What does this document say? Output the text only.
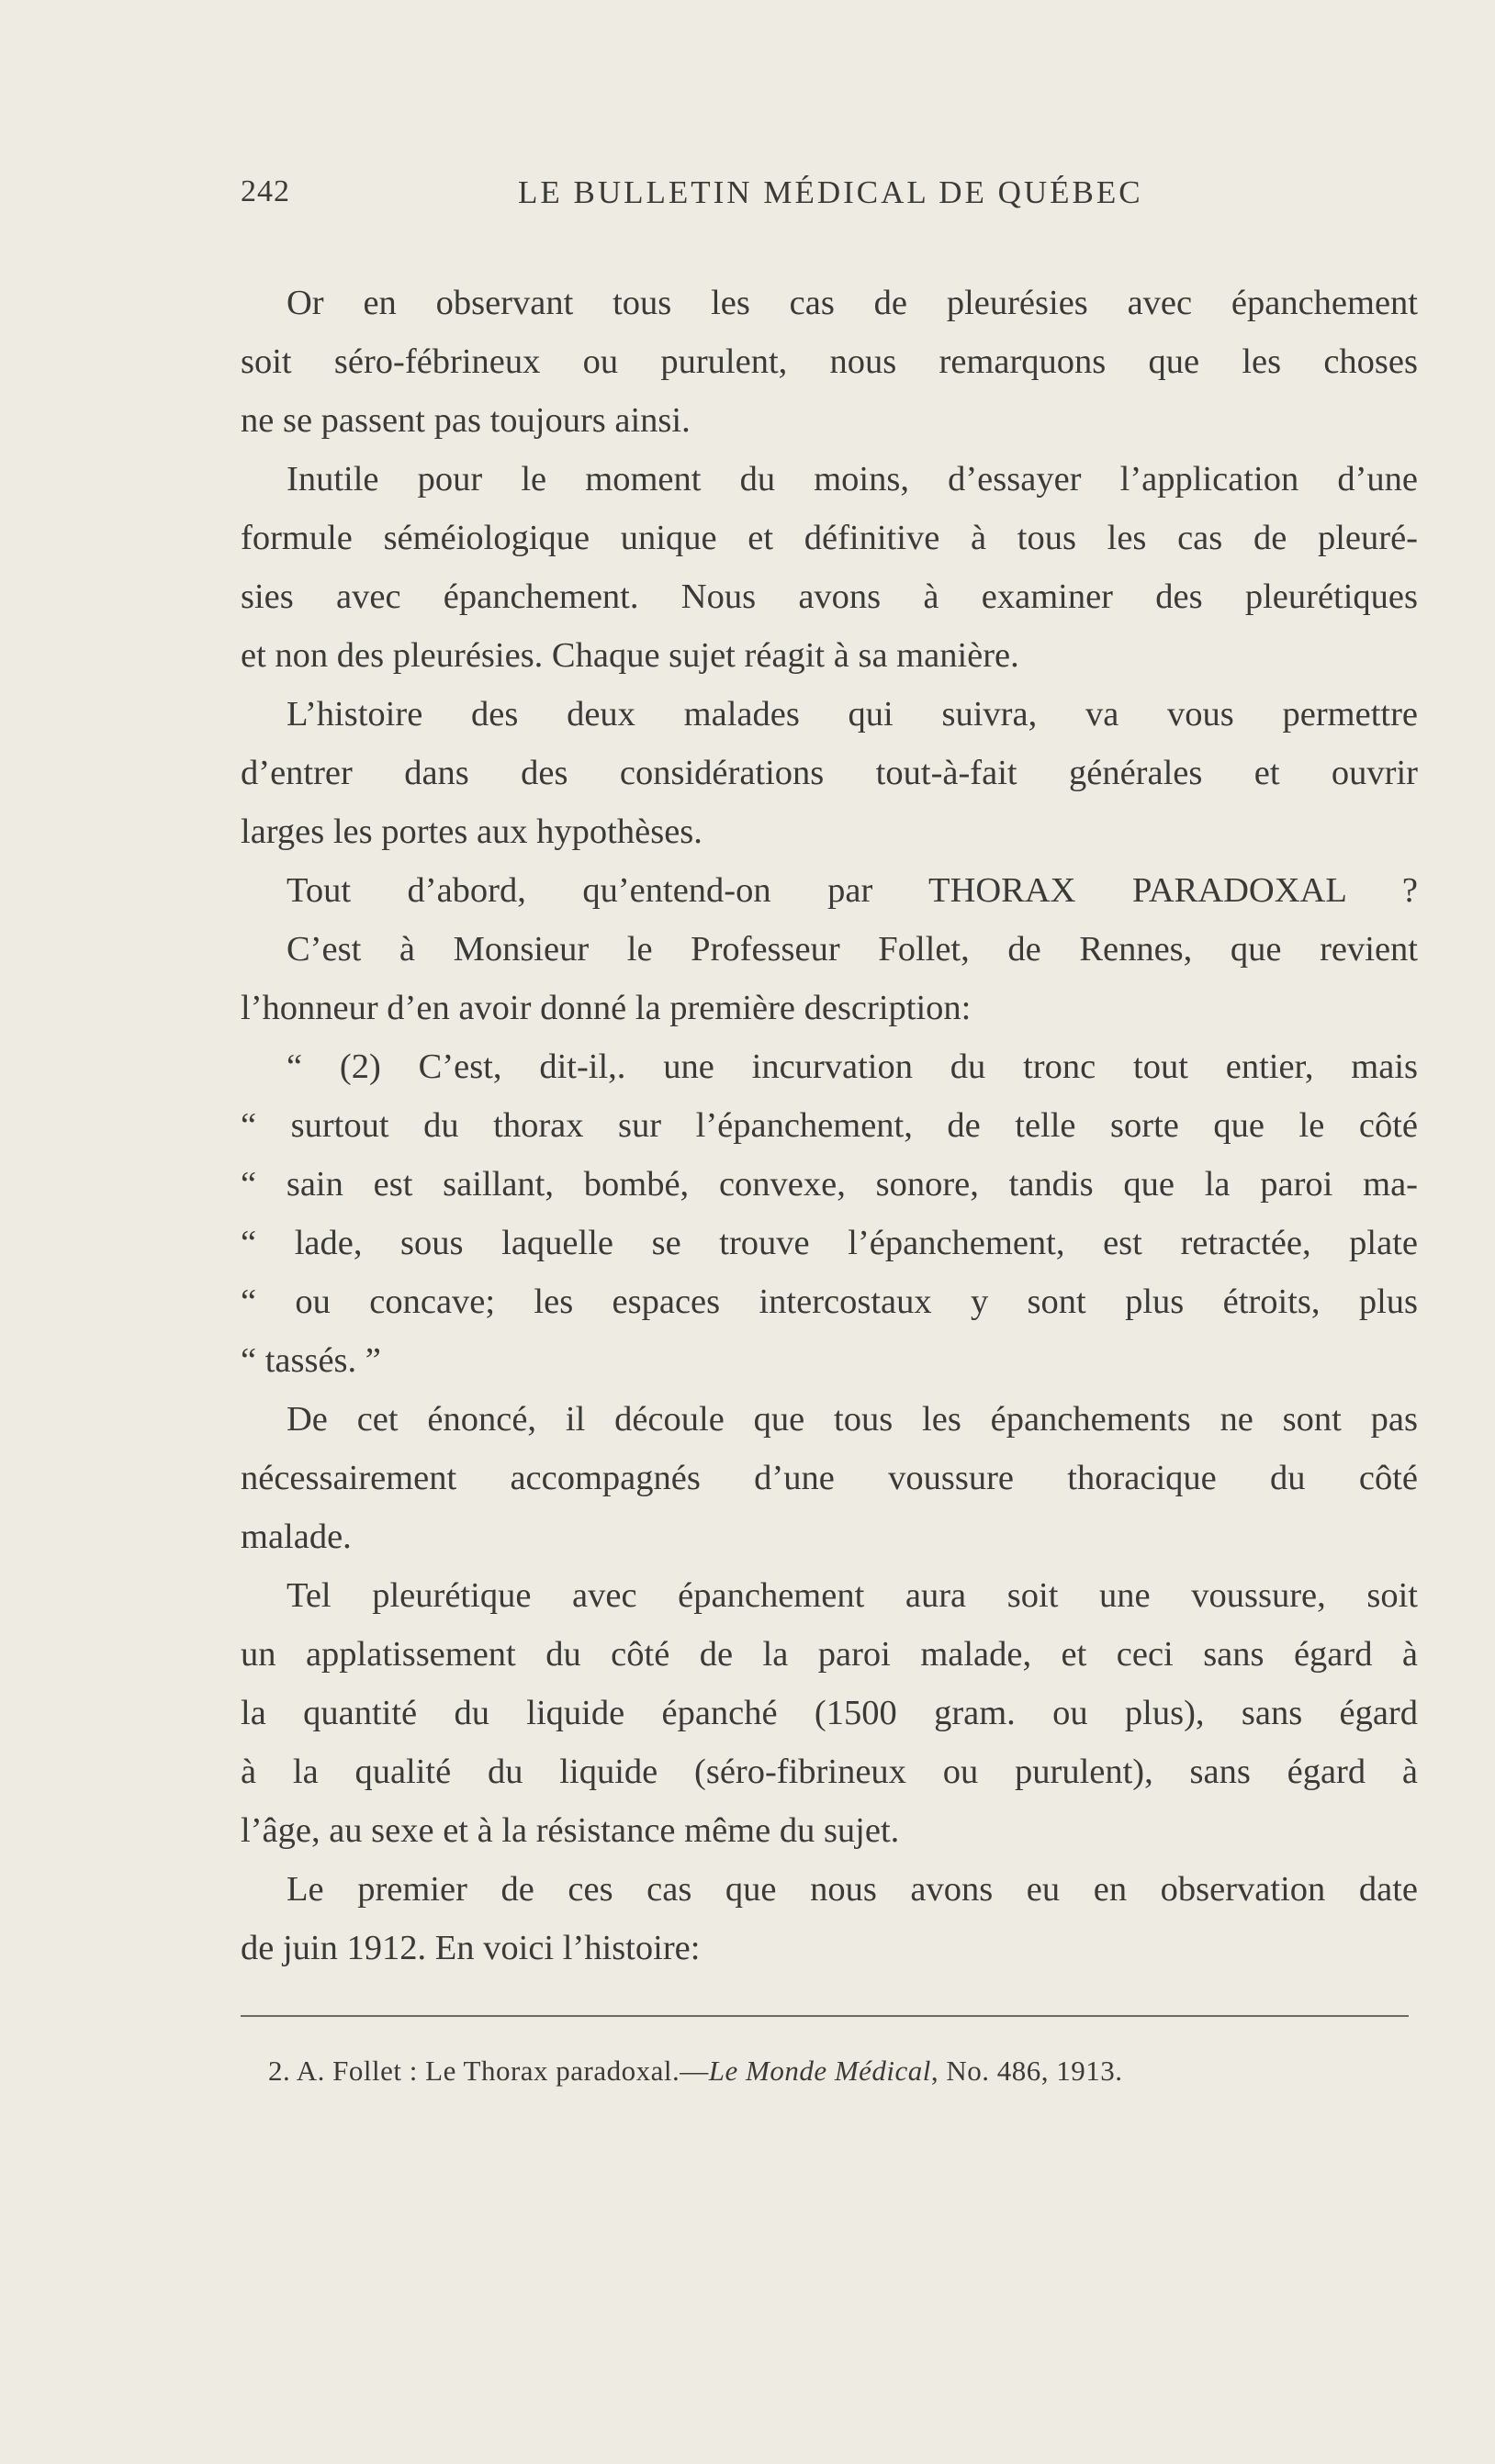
242	LE BULLETIN MÉDICAL DE QUÉBEC
Or en observant tous les cas de pleurésies avec épanchement
soit séro-fébrineux ou purulent, nous remarquons que les choses
ne se passent pas toujours ainsi.
Inutile pour le moment du moins, d’essayer l’application d’une
formule séméiologique unique et définitive à tous les cas de pleuré-
sies avec épanchement. Nous avons à examiner des pleurétiques
et non des pleurésies. Chaque sujet réagit à sa manière.
L’histoire des deux malades qui suivra, va vous permettre
d’entrer dans des considérations tout-à-fait générales et ouvrir
larges les portes aux hypothèses.
Tout d’abord, qu’entend-on par THORAX PARADOXAL ?
C’est à Monsieur le Professeur Follet, de Rennes, que revient
l’honneur d’en avoir donné la première description:
“ (2) C’est, dit-il,. une incurvation du tronc tout entier, mais
“ surtout du thorax sur l’épanchement, de telle sorte que le côté
“ sain est saillant, bombé, convexe, sonore, tandis que la paroi ma-
“ lade, sous laquelle se trouve l’épanchement, est retractée, plate
“ ou concave; les espaces intercostaux y sont plus étroits, plus
“ tassés. ”
De cet énoncé, il découle que tous les épanchements ne sont pas
nécessairement accompagnés d’une voussure thoracique du côté
malade.
Tel pleurétique avec épanchement aura soit une voussure, soit
un applatissement du côté de la paroi malade, et ceci sans égard à
la quantité du liquide épanché (1500 gram. ou plus), sans égard
à la qualité du liquide (séro-fibrineux ou purulent), sans égard à
l’âge, au sexe et à la résistance même du sujet.
Le premier de ces cas que nous avons eu en observation date
de juin 1912. En voici l’histoire:
2. A. Follet : Le Thorax paradoxal.—Le Monde Médical, No. 486, 1913.
